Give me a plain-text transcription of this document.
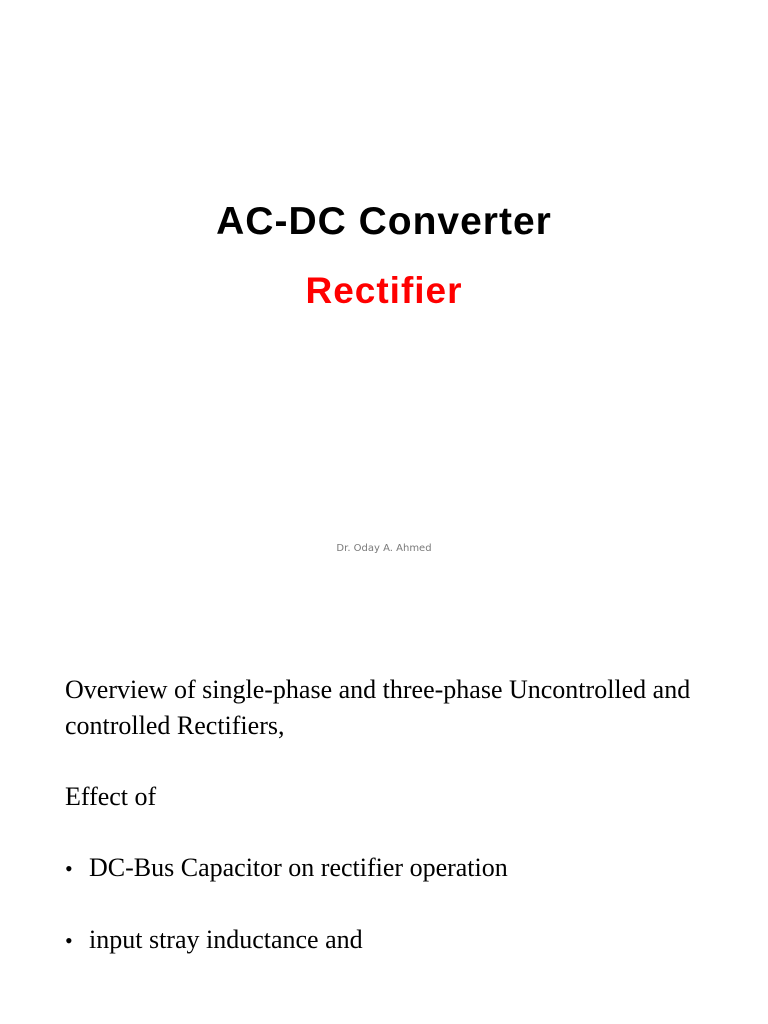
AC-DC Converter
Rectifier

Dr. Oday A. Ahmed

Overview of single-phase and three-phase Uncontrolled and controlled Rectifiers,

Effect of

• DC-Bus Capacitor on rectifier operation
• input stray inductance and
